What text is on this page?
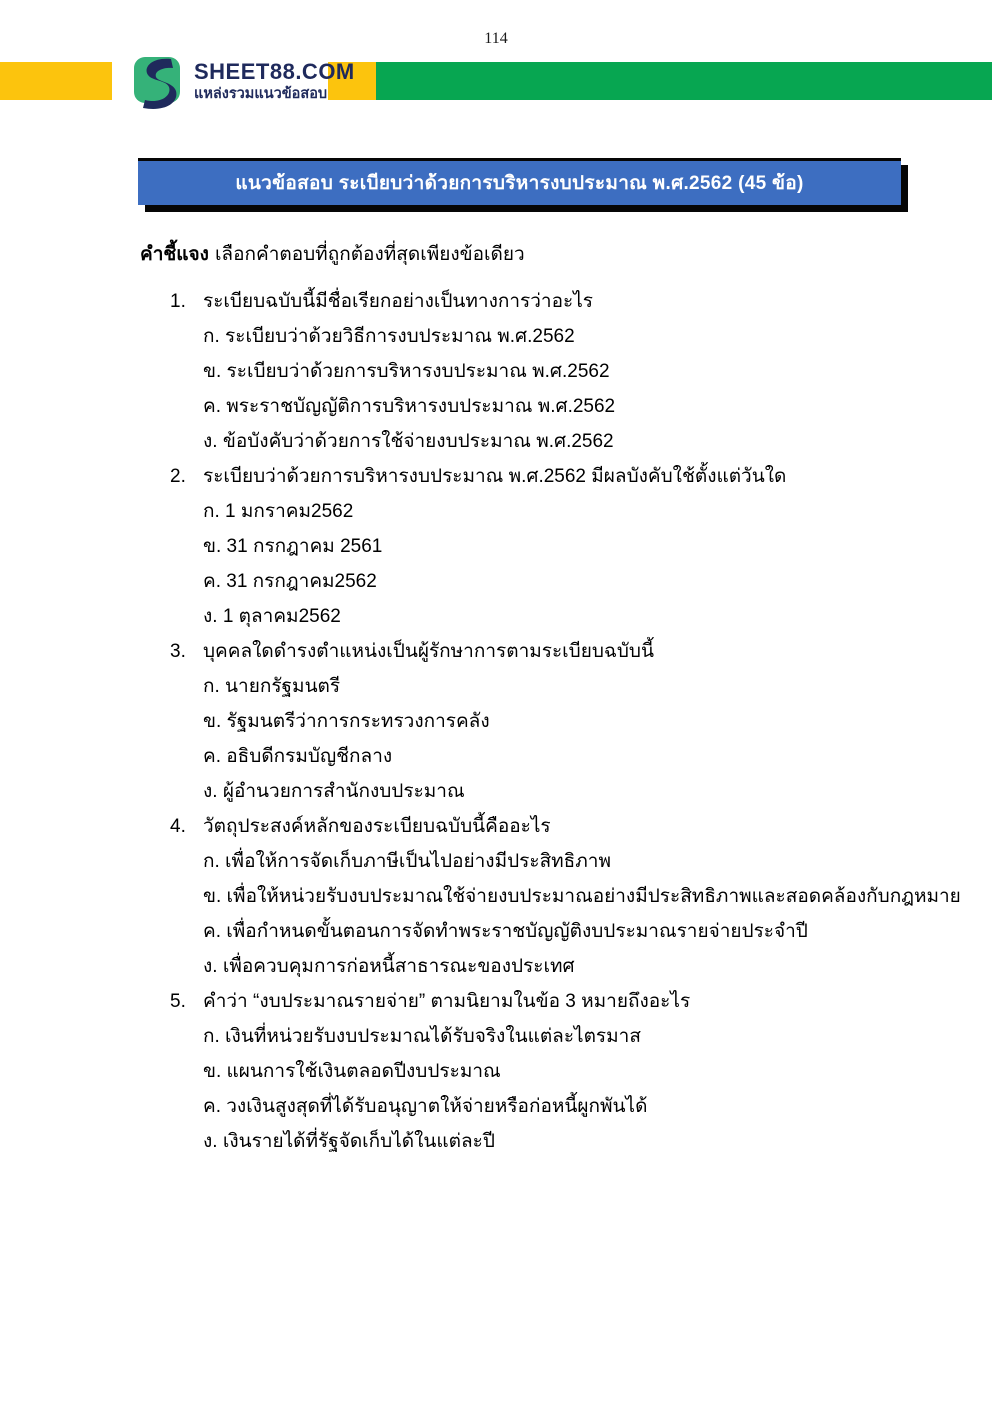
114
SHEET88.COM
แหล่งรวมแนวข้อสอบ
แนวข้อสอบ ระเบียบว่าด้วยการบริหารงบประมาณ พ.ศ.2562 (45 ข้อ)
คำชี้แจง เลือกคำตอบที่ถูกต้องที่สุดเพียงข้อเดียว
1. ระเบียบฉบับนี้มีชื่อเรียกอย่างเป็นทางการว่าอะไร
ก. ระเบียบว่าด้วยวิธีการงบประมาณ พ.ศ.2562
ข. ระเบียบว่าด้วยการบริหารงบประมาณ พ.ศ.2562
ค. พระราชบัญญัติการบริหารงบประมาณ พ.ศ.2562
ง. ข้อบังคับว่าด้วยการใช้จ่ายงบประมาณ พ.ศ.2562
2. ระเบียบว่าด้วยการบริหารงบประมาณ พ.ศ.2562 มีผลบังคับใช้ตั้งแต่วันใด
ก. 1 มกราคม2562
ข. 31 กรกฎาคม 2561
ค. 31 กรกฎาคม2562
ง. 1 ตุลาคม2562
3. บุคคลใดดำรงตำแหน่งเป็นผู้รักษาการตามระเบียบฉบับนี้
ก. นายกรัฐมนตรี
ข. รัฐมนตรีว่าการกระทรวงการคลัง
ค. อธิบดีกรมบัญชีกลาง
ง. ผู้อำนวยการสำนักงบประมาณ
4. วัตถุประสงค์หลักของระเบียบฉบับนี้คืออะไร
ก. เพื่อให้การจัดเก็บภาษีเป็นไปอย่างมีประสิทธิภาพ
ข. เพื่อให้หน่วยรับงบประมาณใช้จ่ายงบประมาณอย่างมีประสิทธิภาพและสอดคล้องกับกฎหมาย
ค. เพื่อกำหนดขั้นตอนการจัดทำพระราชบัญญัติงบประมาณรายจ่ายประจำปี
ง. เพื่อควบคุมการก่อหนี้สาธารณะของประเทศ
5. คำว่า “งบประมาณรายจ่าย” ตามนิยามในข้อ 3 หมายถึงอะไร
ก. เงินที่หน่วยรับงบประมาณได้รับจริงในแต่ละไตรมาส
ข. แผนการใช้เงินตลอดปีงบประมาณ
ค. วงเงินสูงสุดที่ได้รับอนุญาตให้จ่ายหรือก่อหนี้ผูกพันได้
ง. เงินรายได้ที่รัฐจัดเก็บได้ในแต่ละปี
